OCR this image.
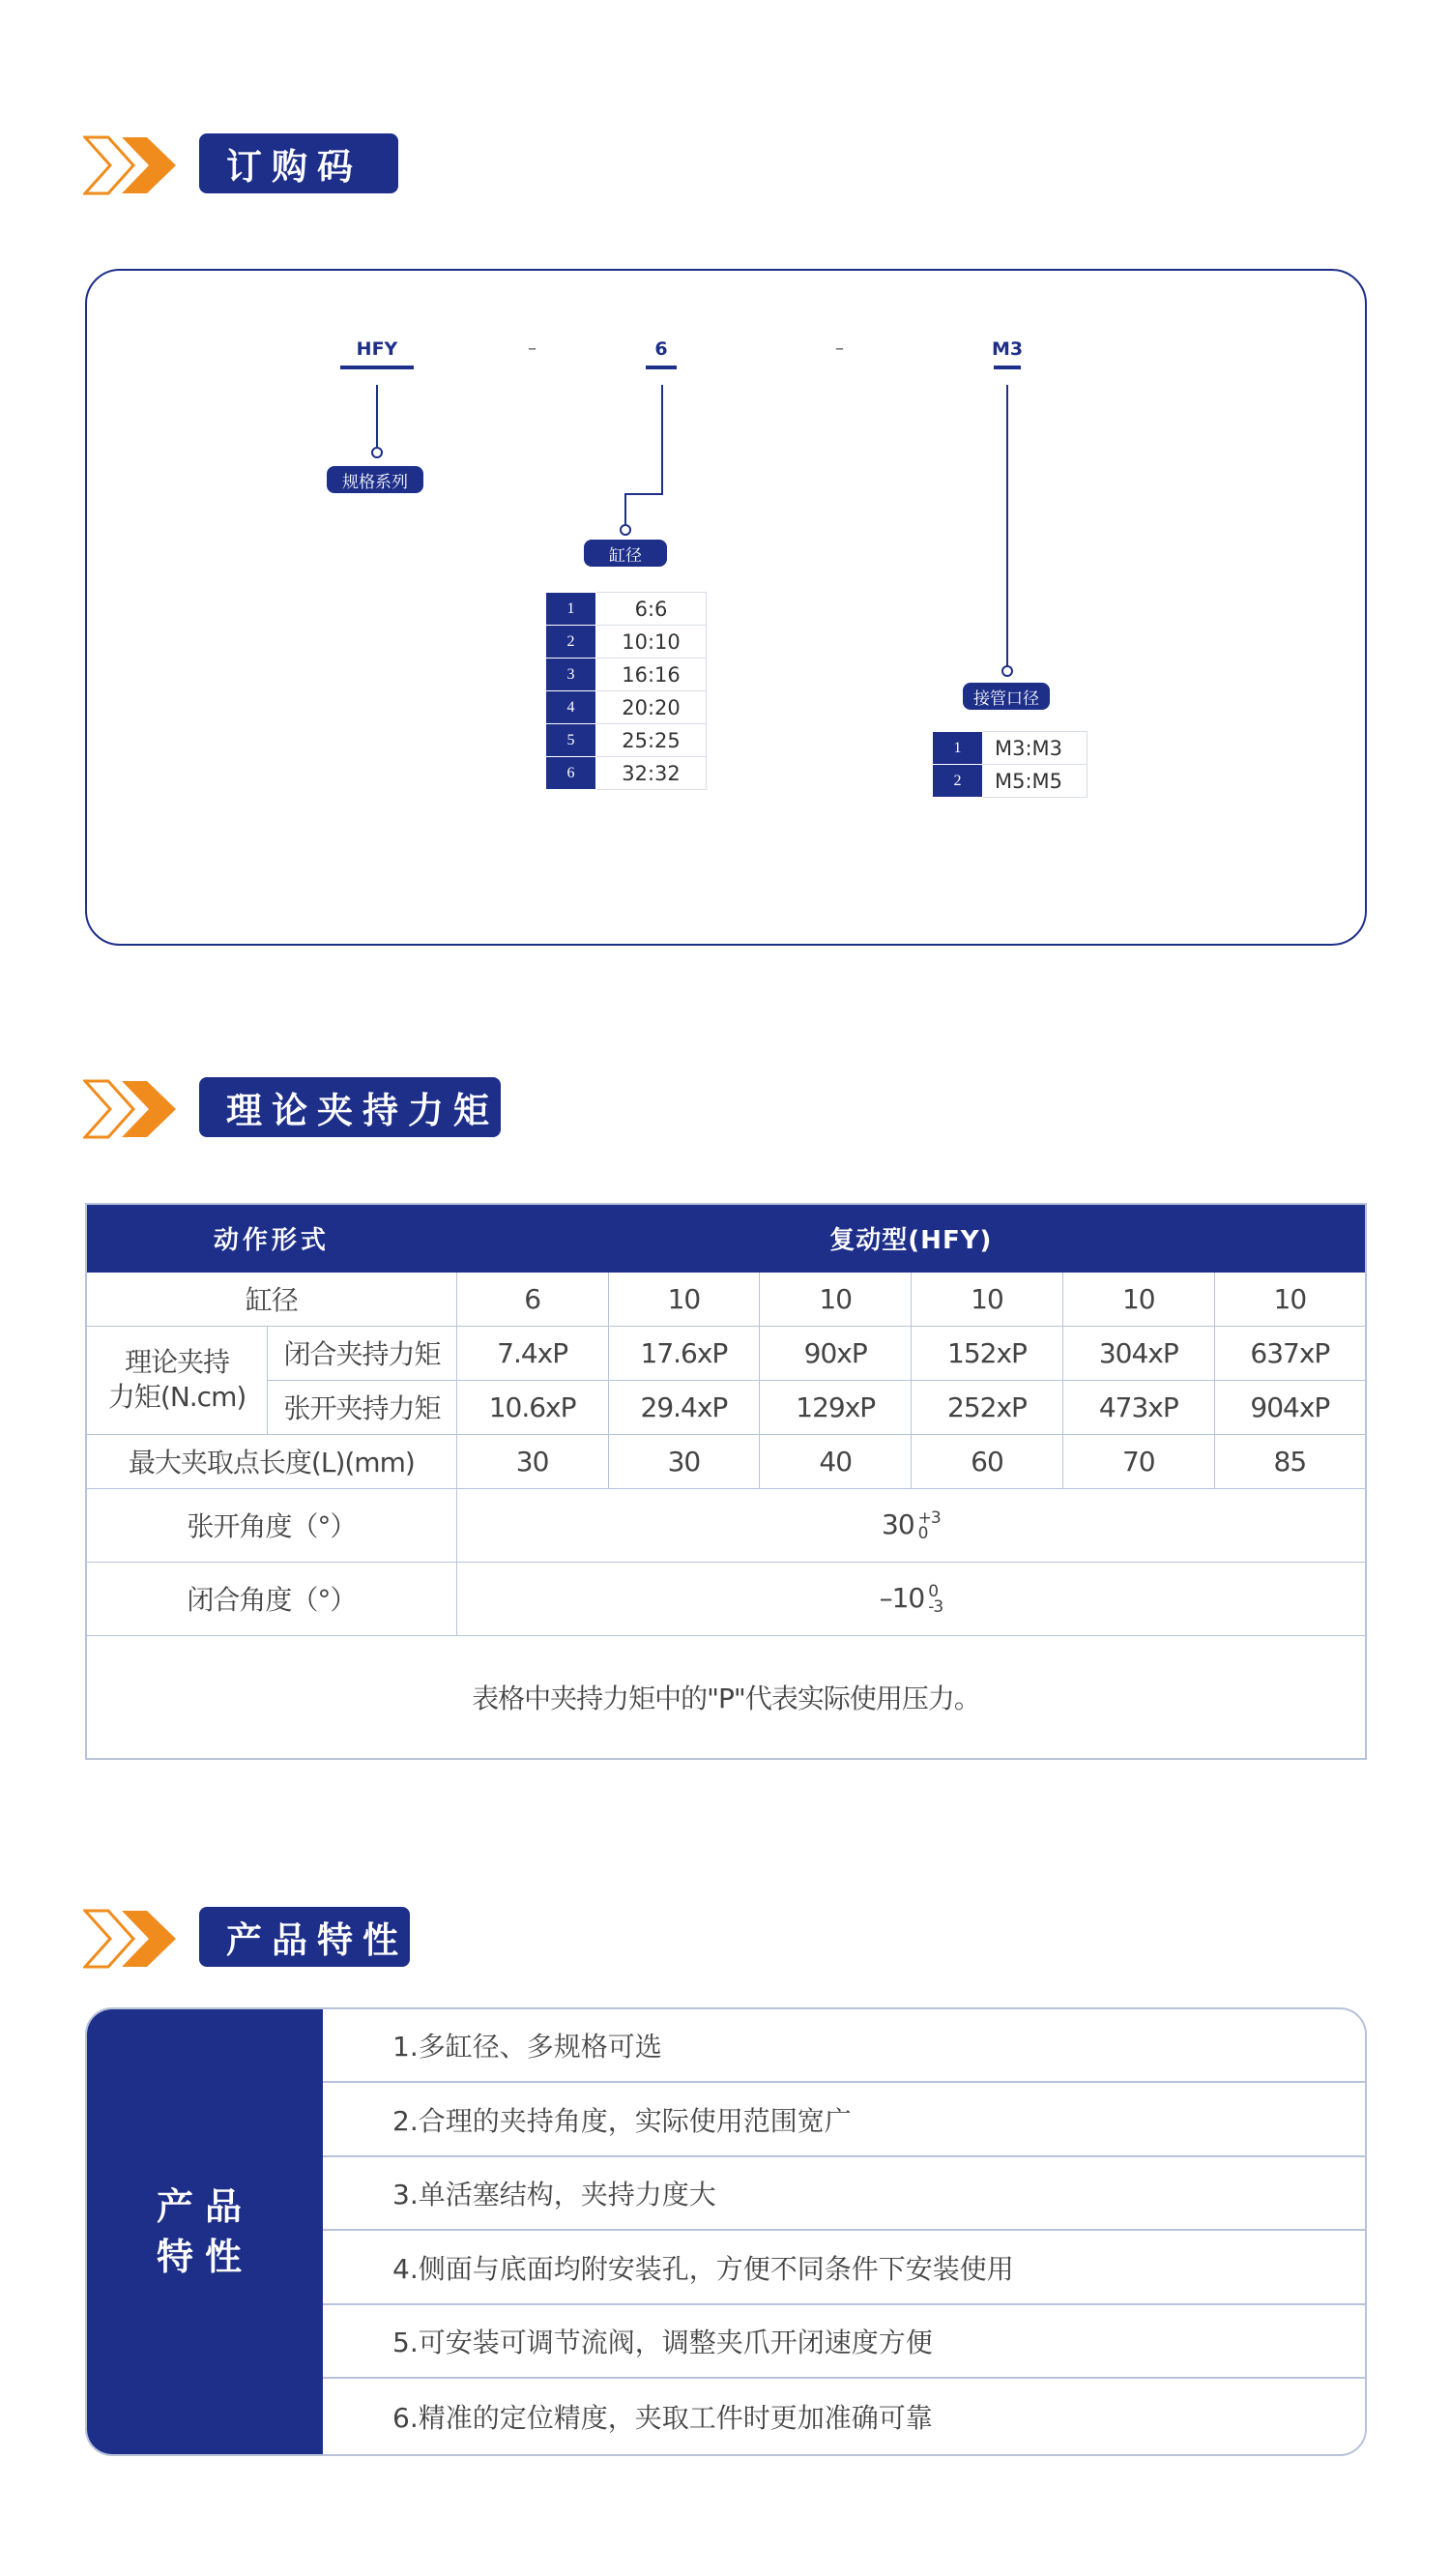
订购码
HFY
规格系列
–	6
缸径
1	6:6
2	10:10
3	16:16
4	20:20
5	25:25
6	32:32
–	M3
接管口径
1	M3:M3
2	M5:M5
理论夹持力矩
动作形式		复动型(HFY)					
缸径		6	10	10	10	10	10
理论夹持
力矩(N.cm)	闭合夹持力矩	7.4xP	17.6xP	90xP	152xP	304xP	637xP
	张开夹持力矩	10.6xP	29.4xP	129xP	252xP	473xP	904xP
最大夹取点长度(L)(mm)		30	30	40	60	70	85
张开角度（°）		30 +3
0					

闭合角度（°）		–10 0
-3					

表格中夹持力矩中的"P"代表实际使用压力。							
产品特性
产品
特性
1.多缸径、多规格可选
2.合理的夹持角度，实际使用范围宽广
3.单活塞结构，夹持力度大
4.侧面与底面均附安装孔，方便不同条件下安装使用
5.可安装可调节流阀，调整夹爪开闭速度方便
6.精准的定位精度，夹取工件时更加准确可靠
